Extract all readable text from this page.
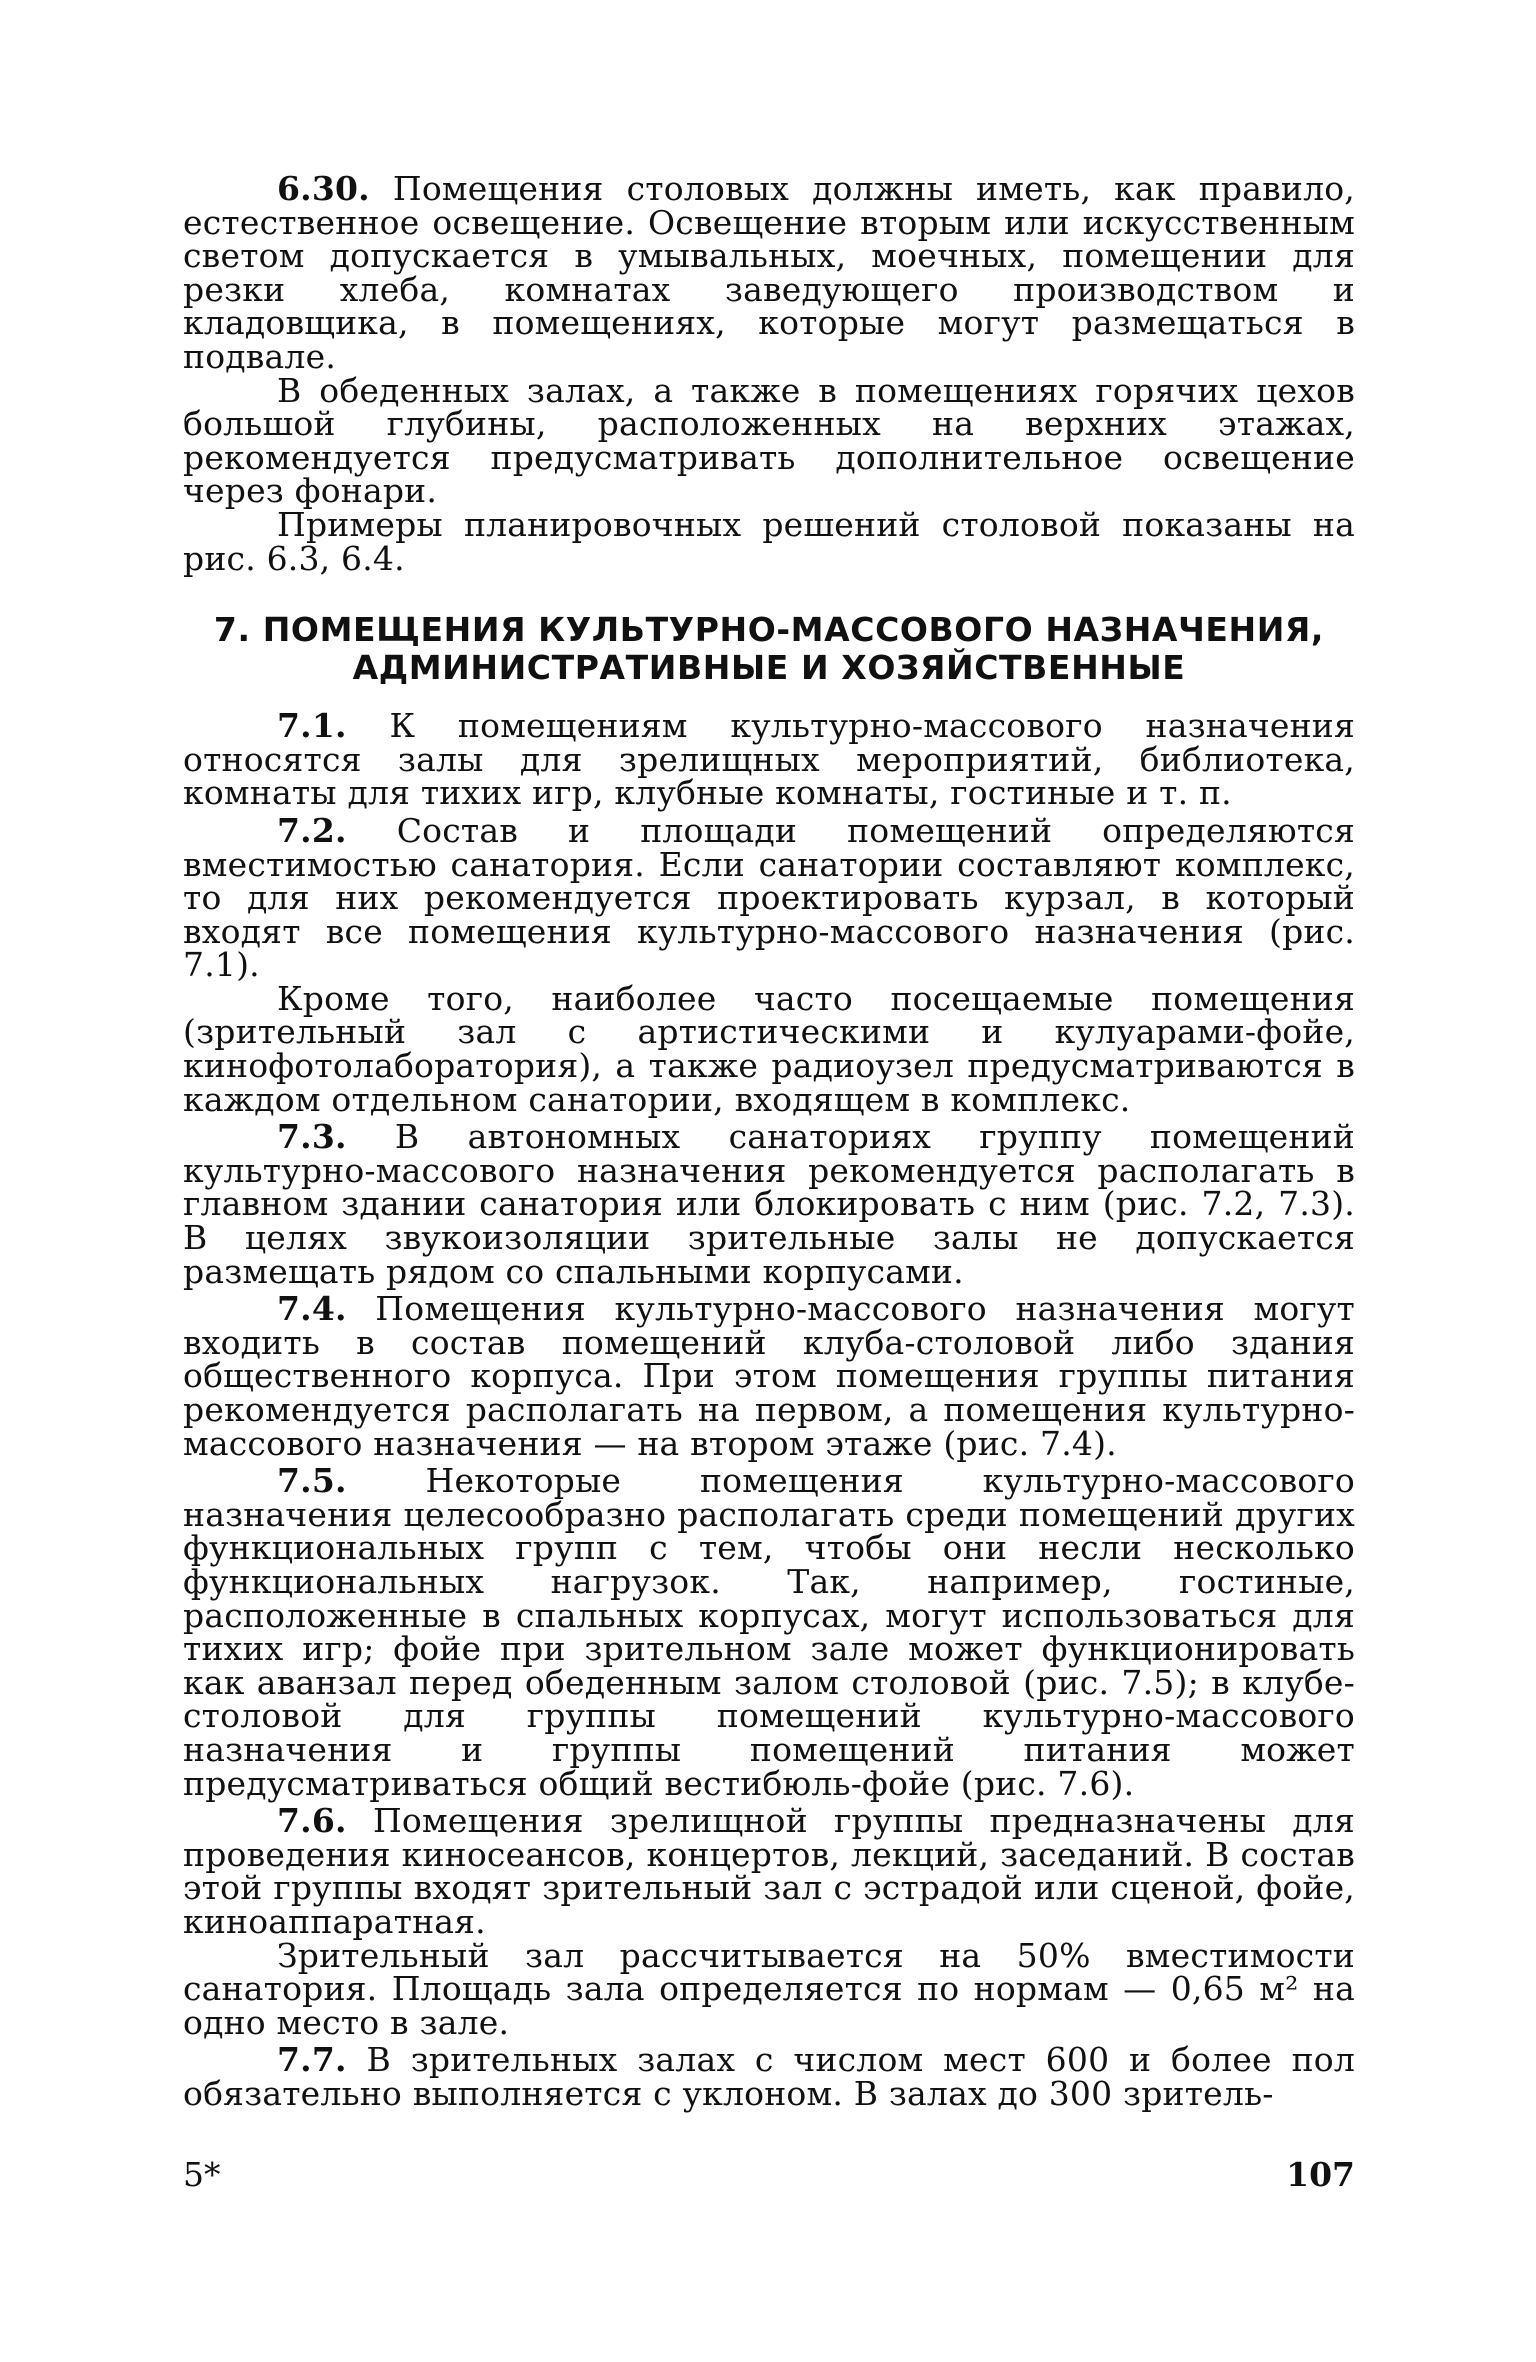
6.30. Помещения столовых должны иметь, как правило, естественное освещение. Освещение вторым или искусственным светом допускается в умывальных, моечных, помещении для резки хлеба, комнатах заведующего производством и кладовщика, в помещениях, которые могут размещаться в подвале.

В обеденных залах, а также в помещениях горячих цехов большой глубины, расположенных на верхних этажах, рекомендуется предусматривать дополнительное освещение через фонари.

Примеры планировочных решений столовой показаны на рис. 6.3, 6.4.

7. ПОМЕЩЕНИЯ КУЛЬТУРНО-МАССОВОГО НАЗНАЧЕНИЯ,
АДМИНИСТРАТИВНЫЕ И ХОЗЯЙСТВЕННЫЕ

7.1. К помещениям культурно-массового назначения относятся залы для зрелищных мероприятий, библиотека, комнаты для тихих игр, клубные комнаты, гостиные и т. п.

7.2. Состав и площади помещений определяются вместимостью санатория. Если санатории составляют комплекс, то для них рекомендуется проектировать курзал, в который входят все помещения культурно-массового назначения (рис. 7.1).

Кроме того, наиболее часто посещаемые помещения (зрительный зал с артистическими и кулуарами-фойе, кинофотолаборатория), а также радиоузел предусматриваются в каждом отдельном санатории, входящем в комплекс.

7.3. В автономных санаториях группу помещений культурно-массового назначения рекомендуется располагать в главном здании санатория или блокировать с ним (рис. 7.2, 7.3). В целях звукоизоляции зрительные залы не допускается размещать рядом со спальными корпусами.

7.4. Помещения культурно-массового назначения могут входить в состав помещений клуба-столовой либо здания общественного корпуса. При этом помещения группы питания рекомендуется располагать на первом, а помещения культурно-массового назначения — на втором этаже (рис. 7.4).

7.5. Некоторые помещения культурно-массового назначения целесообразно располагать среди помещений других функциональных групп с тем, чтобы они несли несколько функциональных нагрузок. Так, например, гостиные, расположенные в спальных корпусах, могут использоваться для тихих игр; фойе при зрительном зале может функционировать как аванзал перед обеденным залом столовой (рис. 7.5); в клубе-столовой для группы помещений культурно-массового назначения и группы помещений питания может предусматриваться общий вестибюль-фойе (рис. 7.6).

7.6. Помещения зрелищной группы предназначены для проведения киносеансов, концертов, лекций, заседаний. В состав этой группы входят зрительный зал с эстрадой или сценой, фойе, киноаппаратная.

Зрительный зал рассчитывается на 50% вместимости санатория. Площадь зала определяется по нормам — 0,65 м² на одно место в зале.

7.7. В зрительных залах с числом мест 600 и более пол обязательно выполняется с уклоном. В залах до 300 зритель-

5*	107
